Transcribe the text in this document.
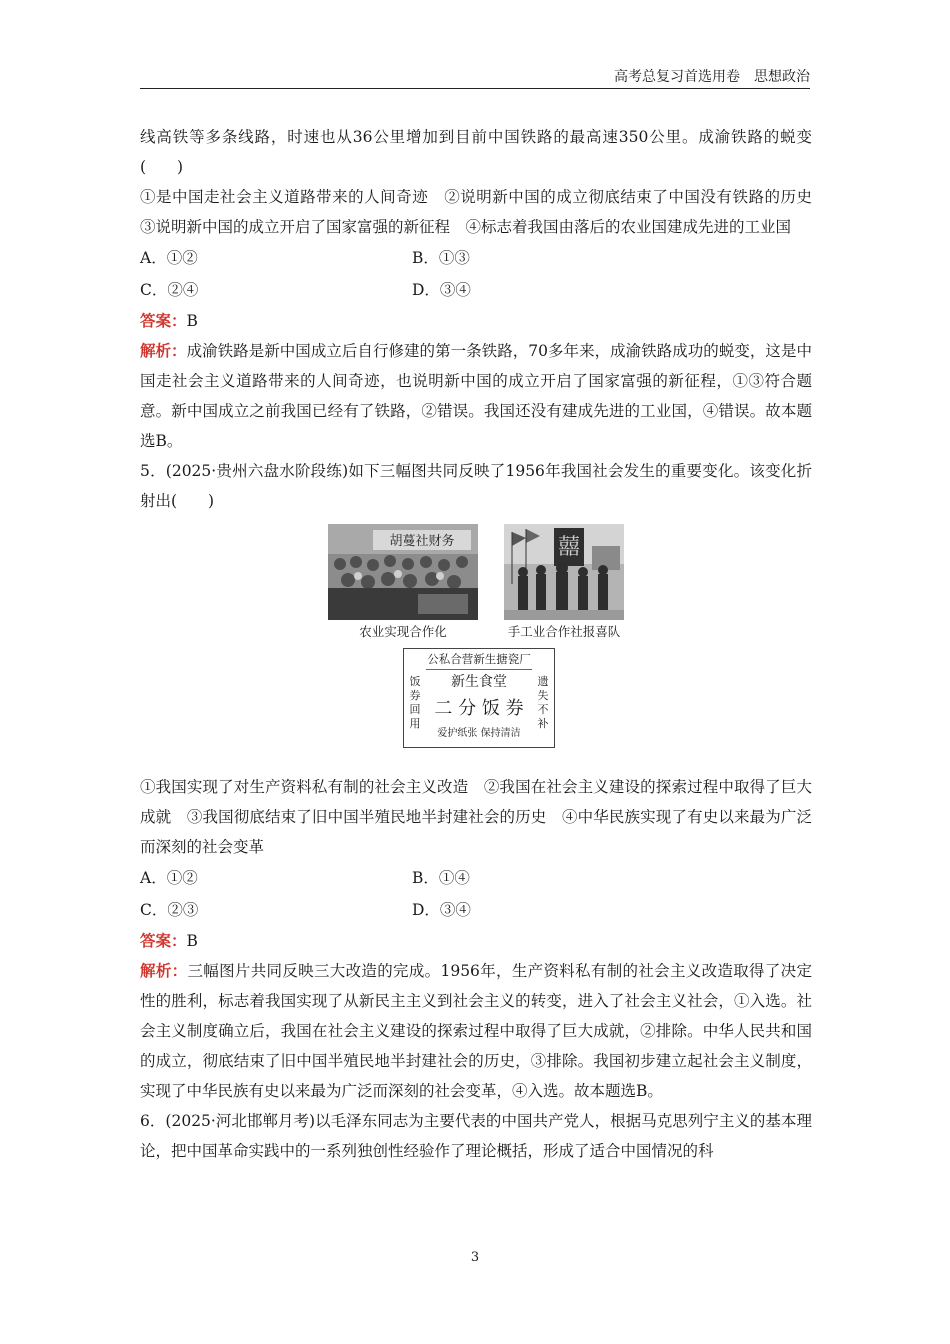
高考总复习首选用卷　思想政治

线高铁等多条线路，时速也从36公里增加到目前中国铁路的最高速350公里。成渝铁路的蜕变(　　)

①是中国走社会主义道路带来的人间奇迹　②说明新中国的成立彻底结束了中国没有铁路的历史　③说明新中国的成立开启了国家富强的新征程　④标志着我国由落后的农业国建成先进的工业国

A．①②	B．①③
C．②④	D．③④

答案：B

解析：成渝铁路是新中国成立后自行修建的第一条铁路，70多年来，成渝铁路成功的蜕变，这是中国走社会主义道路带来的人间奇迹，也说明新中国的成立开启了国家富强的新征程，①③符合题意。新中国成立之前我国已经有了铁路，②错误。我国还没有建成先进的工业国，④错误。故本题选B。

5．(2025·贵州六盘水阶段练)如下三幅图共同反映了1956年我国社会发生的重要变化。该变化折射出(　　)

胡蔓社财务	囍
农业实现合作化	手工业合作社报喜队
公私合营新生搪瓷厂
饭券回用
遗失不补
新生食堂
二 分 饭 券
爱护纸张 保持清洁

①我国实现了对生产资料私有制的社会主义改造　②我国在社会主义建设的探索过程中取得了巨大成就　③我国彻底结束了旧中国半殖民地半封建社会的历史　④中华民族实现了有史以来最为广泛而深刻的社会变革

A．①②	B．①④
C．②③	D．③④

答案：B

解析：三幅图片共同反映三大改造的完成。1956年，生产资料私有制的社会主义改造取得了决定性的胜利，标志着我国实现了从新民主主义到社会主义的转变，进入了社会主义社会，①入选。社会主义制度确立后，我国在社会主义建设的探索过程中取得了巨大成就，②排除。中华人民共和国的成立，彻底结束了旧中国半殖民地半封建社会的历史，③排除。我国初步建立起社会主义制度，实现了中华民族有史以来最为广泛而深刻的社会变革，④入选。故本题选B。

6．(2025·河北邯郸月考)以毛泽东同志为主要代表的中国共产党人，根据马克思列宁主义的基本理论，把中国革命实践中的一系列独创性经验作了理论概括，形成了适合中国情况的科

3
